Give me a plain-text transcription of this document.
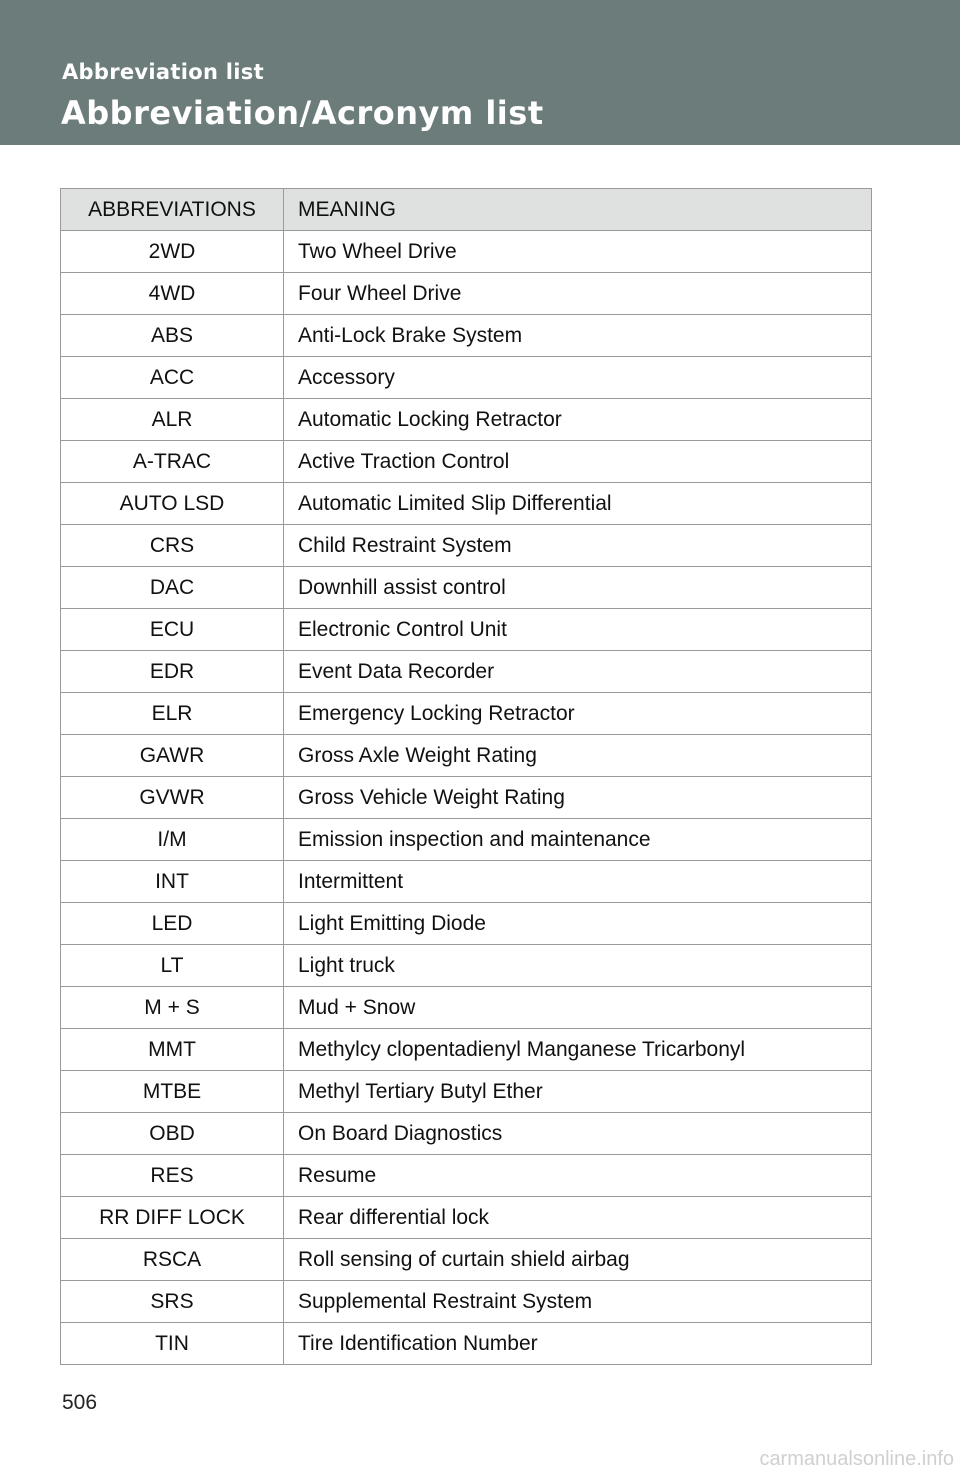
Abbreviation list
Abbreviation/Acronym list
ABBREVIATIONS	MEANING
2WD	Two Wheel Drive
4WD	Four Wheel Drive
ABS	Anti-Lock Brake System
ACC	Accessory
ALR	Automatic Locking Retractor
A-TRAC	Active Traction Control
AUTO LSD	Automatic Limited Slip Differential
CRS	Child Restraint System
DAC	Downhill assist control
ECU	Electronic Control Unit
EDR	Event Data Recorder
ELR	Emergency Locking Retractor
GAWR	Gross Axle Weight Rating
GVWR	Gross Vehicle Weight Rating
I/M	Emission inspection and maintenance
INT	Intermittent
LED	Light Emitting Diode
LT	Light truck
M + S	Mud + Snow
MMT	Methylcy clopentadienyl Manganese Tricarbonyl
MTBE	Methyl Tertiary Butyl Ether
OBD	On Board Diagnostics
RES	Resume
RR DIFF LOCK	Rear differential lock
RSCA	Roll sensing of curtain shield airbag
SRS	Supplemental Restraint System
TIN	Tire Identification Number
506
carmanualsonline.info
